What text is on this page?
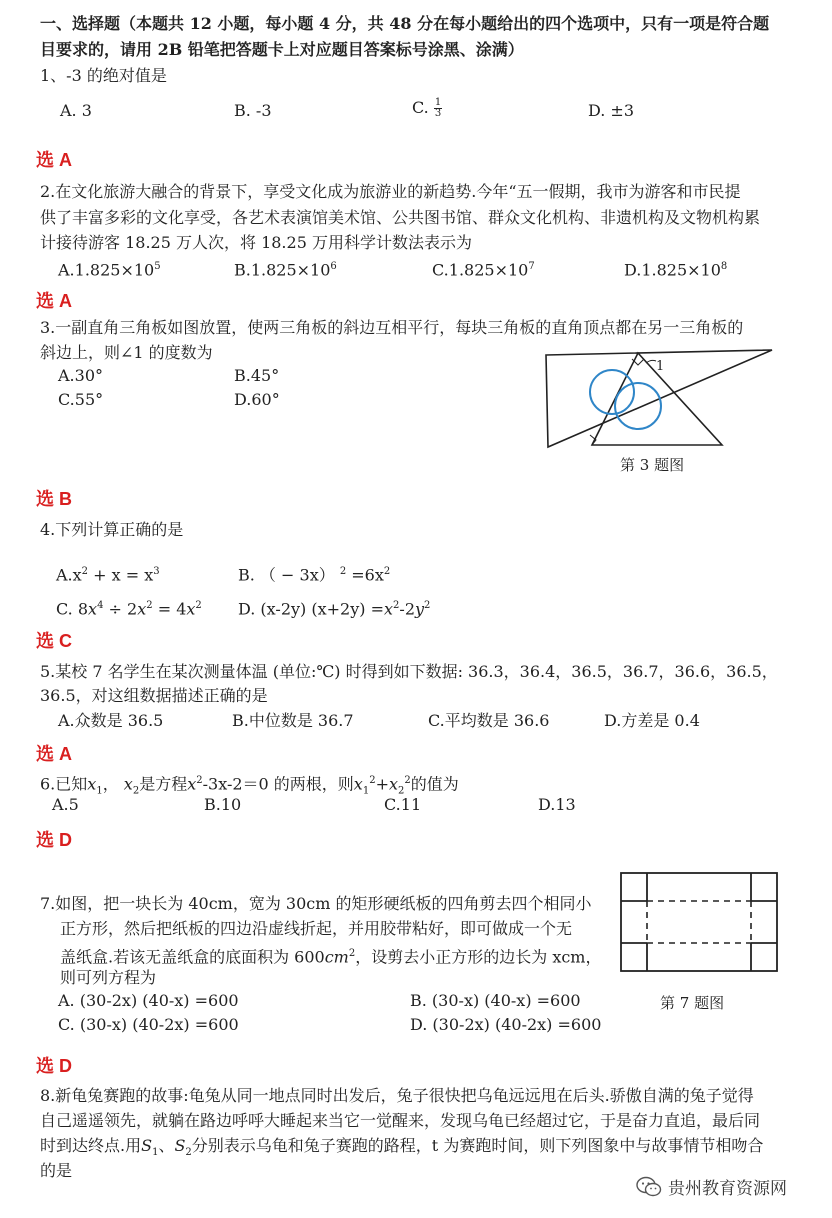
一、选择题（本题共 12 小题，每小题 4 分，共 48 分在每小题给出的四个选项中，只有一项是符合题
目要求的，请用 2B 铅笔把答题卡上对应题目答案标号涂黑、涂满）
1、-3 的绝对值是
A. 3	B. -3	C. $\frac{1}{3}$	D. ±3
选 A
2.在文化旅游大融合的背景下，享受文化成为旅游业的新趋势.今年“五一假期，我市为游客和市民提
供了丰富多彩的文化享受，各艺术表演馆美术馆、公共图书馆、群众文化机构、非遗机构及文物机构累
计接待游客 18.25 万人次，将 18.25 万用科学计数法表示为
$A.1.825\times 10^5$	$B.1.825\times 10^6$	$C.1.825\times 10^7$	$D.1.825\times 10^8$
选 A
3.一副直角三角板如图放置，使两三角板的斜边互相平行，每块三角板的直角顶点都在另一三角板的
斜边上，则∠1 的度数为
A.30°	B.45°
C.55°	D.60°
1
第 3 题图
选 B
4.下列计算正确的是
$A.x^2 + x = x^3$	B. （ − 3x） $^2 =6x^2$
C. $8x^4 \div 2x^2 = 4x^2$ D. (x-2y) $(x+2y) =x^2-2y^2$
选 C
5.某校 7 名学生在某次测量体温 (单位:℃) 时得到如下数据: 36.3，36.4，36.5，36.7，36.6，36.5，
36.5，对这组数据描述正确的是
A.众数是 36.5	B.中位数是 36.7	C.平均数是 36.6	D.方差是 0.4
选 A
6.已知$x_1$， $x_2$是方程$x^2-3x-2=0$ 的两根，则$x_1^2+x_2^2$的值为
A.5	B.10	C.11	D.13
选 D
7.如图，把一块长为 40cm，宽为 30cm 的矩形硬纸板的四角剪去四个相同小
正方形，然后把纸板的四边沿虚线折起，并用胶带粘好，即可做成一个无
盖纸盒.若该无盖纸盒的底面积为 $600cm^2$，设剪去小正方形的边长为 xcm，
则可列方程为
A. (30-2x) (40-x) =600	B. (30-x) (40-x) =600
C. (30-x) (40-2x) =600	D. (30-2x) (40-2x) =600
第 7 题图
选 D
8.新龟兔赛跑的故事:龟兔从同一地点同时出发后，兔子很快把乌龟远远甩在后头.骄傲自满的兔子觉得
自己遥遥领先，就躺在路边呼呼大睡起来当它一觉醒来，发现乌龟已经超过它，于是奋力直追，最后同
时到达终点.用$S_1$、$S_2$分别表示乌龟和兔子赛跑的路程，t 为赛跑时间，则下列图象中与故事情节相吻合
的是
贵州教育资源网
